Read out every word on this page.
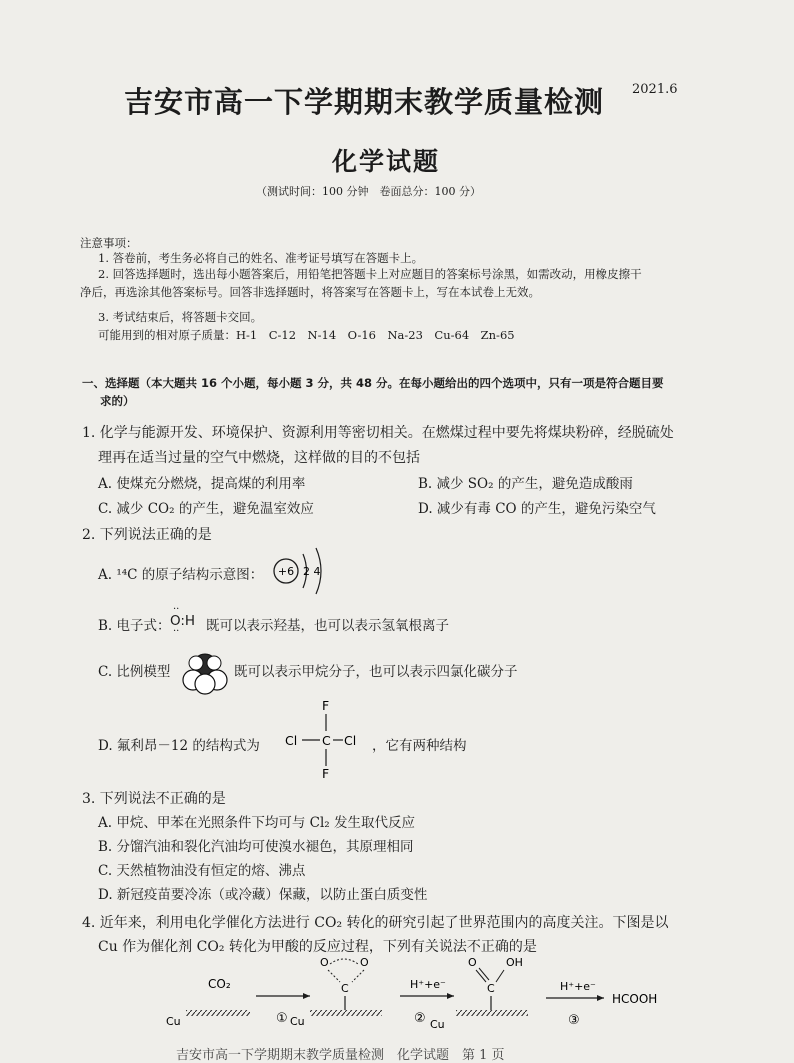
吉安市高一下学期期末教学质量检测 2021.6
化学试题
（测试时间：100 分钟　卷面总分：100 分）
注意事项：
1. 答卷前，考生务必将自己的姓名、准考证号填写在答题卡上。
2. 回答选择题时，选出每小题答案后，用铅笔把答题卡上对应题目的答案标号涂黑，如需改动，用橡皮擦干
净后，再选涂其他答案标号。回答非选择题时，将答案写在答题卡上，写在本试卷上无效。
3. 考试结束后，将答题卡交回。
可能用到的相对原子质量：H-1　C-12　N-14　O-16　Na-23　Cu-64　Zn-65
一、选择题（本大题共 16 个小题，每小题 3 分，共 48 分。在每小题给出的四个选项中，只有一项是符合题目要
求的）
1. 化学与能源开发、环境保护、资源利用等密切相关。在燃煤过程中要先将煤块粉碎，经脱硫处
理再在适当过量的空气中燃烧，这样做的目的不包括
A. 使煤充分燃烧，提高煤的利用率	B. 减少 SO₂ 的产生，避免造成酸雨
C. 减少 CO₂ 的产生，避免温室效应	D. 减少有毒 CO 的产生，避免污染空气
2. 下列说法正确的是
A. ¹⁴C 的原子结构示意图： +6 2 4
B. 电子式： O:H
··
·· 既可以表示羟基，也可以表示氢氧根离子
C. 比例模型	既可以表示甲烷分子，也可以表示四氯化碳分子
D. 氟利昂－12 的结构式为
F
F
Cl	Cl
C	，它有两种结构
3. 下列说法不正确的是
A. 甲烷、甲苯在光照条件下均可与 Cl₂ 发生取代反应
B. 分馏汽油和裂化汽油均可使溴水褪色，其原理相同
C. 天然植物油没有恒定的熔、沸点
D. 新冠疫苗要冷冻（或冷藏）保藏，以防止蛋白质变性
4. 近年来，利用电化学催化方法进行 CO₂ 转化的研究引起了世界范围内的高度关注。下图是以
Cu 作为催化剂 CO₂ 转化为甲酸的反应过程，下列有关说法不正确的是
CO₂
Cu	①
O	O
C
Cu
H⁺+e⁻
②
O	OH
C
Cu
H⁺+e⁻
HCOOH
③
吉安市高一下学期期末教学质量检测　化学试题　第 1 页
